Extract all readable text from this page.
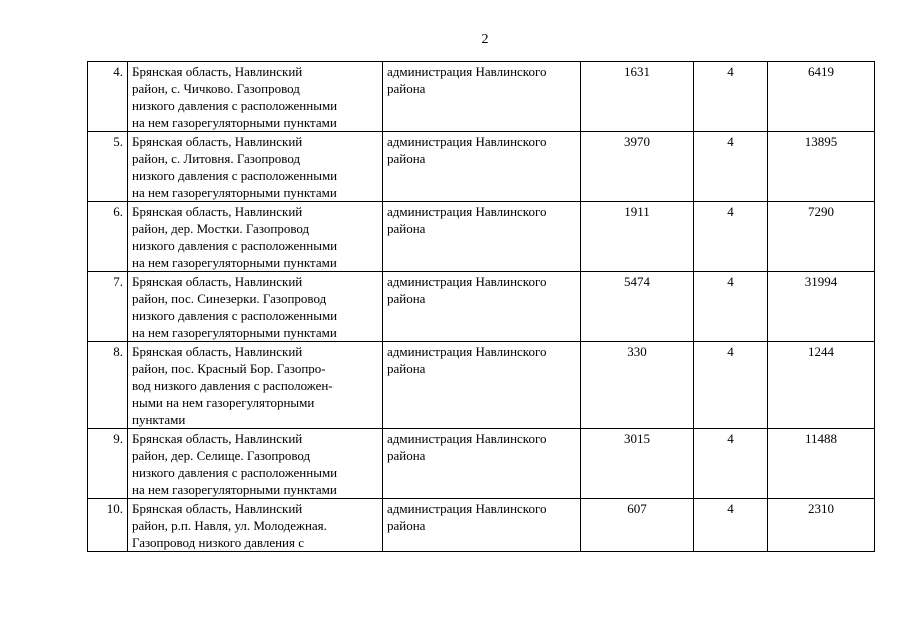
2
4.	Брянская область, Навлинский
район, с. Чичково. Газопровод
низкого давления с расположенными
на нем газорегуляторными пунктами	администрация Навлинского
района	1631	4	6419
5.	Брянская область, Навлинский
район, с. Литовня. Газопровод
низкого давления с расположенными
на нем газорегуляторными пунктами	администрация Навлинского
района	3970	4	13895
6.	Брянская область, Навлинский
район, дер. Мостки. Газопровод
низкого давления с расположенными
на нем газорегуляторными пунктами	администрация Навлинского
района	1911	4	7290
7.	Брянская область, Навлинский
район, пос. Синезерки. Газопровод
низкого давления с расположенными
на нем газорегуляторными пунктами	администрация Навлинского
района	5474	4	31994
8.	Брянская область, Навлинский
район, пос. Красный Бор. Газопро-
вод низкого давления с расположен-
ными на нем газорегуляторными
пунктами	администрация Навлинского
района	330	4	1244
9.	Брянская область, Навлинский
район, дер. Селище. Газопровод
низкого давления с расположенными
на нем газорегуляторными пунктами	администрация Навлинского
района	3015	4	11488
10.	Брянская область, Навлинский
район, р.п. Навля, ул. Молодежная.
Газопровод низкого давления с	администрация Навлинского
района	607	4	2310
